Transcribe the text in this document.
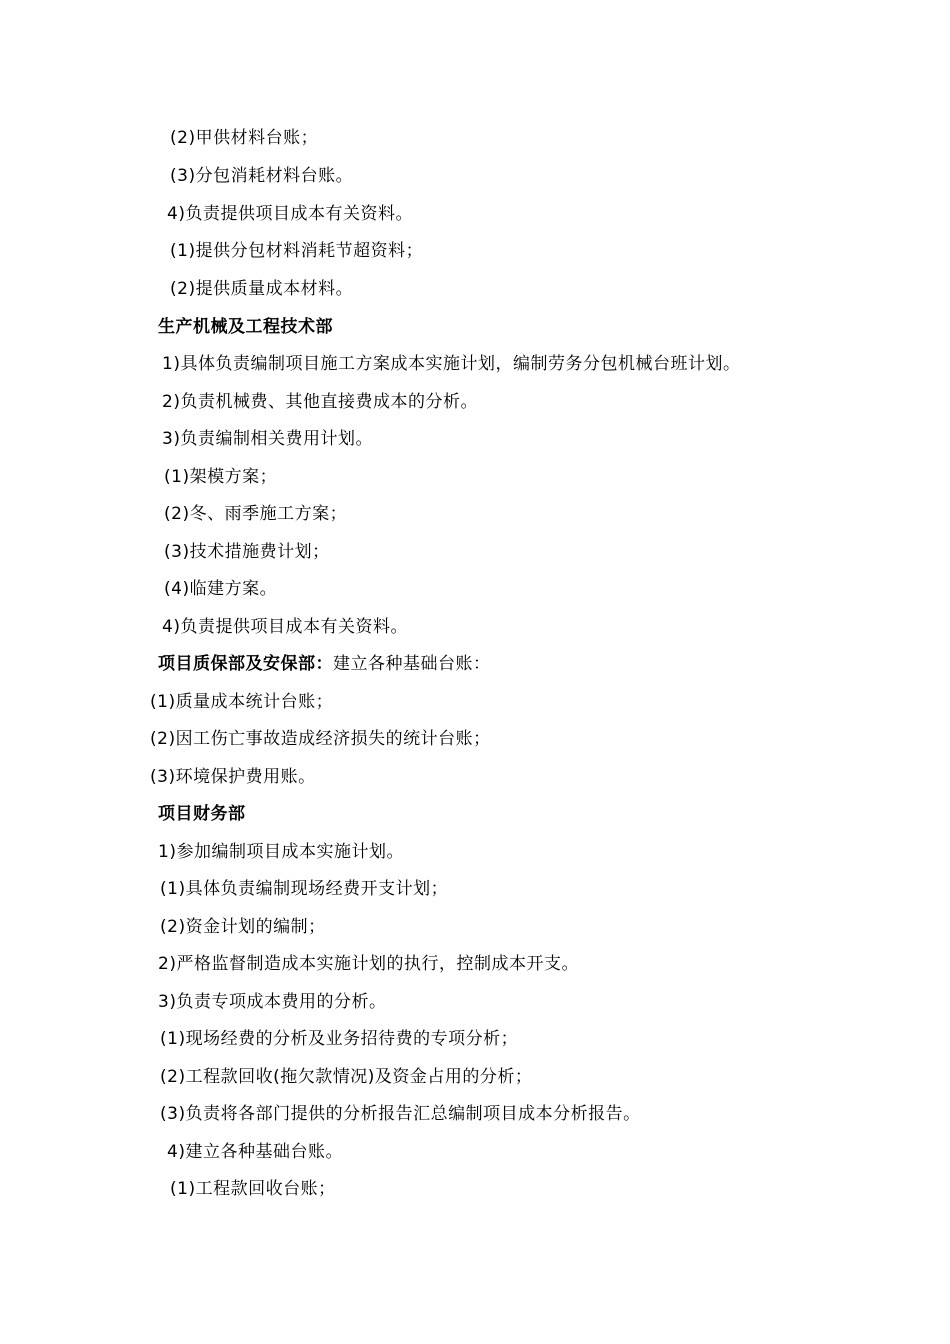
(2)甲供材料台账；
(3)分包消耗材料台账。
4)负责提供项目成本有关资料。
(1)提供分包材料消耗节超资料；
(2)提供质量成本材料。
生产机械及工程技术部
1)具体负责编制项目施工方案成本实施计划，编制劳务分包机械台班计划。
2)负责机械费、其他直接费成本的分析。
3)负责编制相关费用计划。
(1)架模方案；
(2)冬、雨季施工方案；
(3)技术措施费计划；
(4)临建方案。
4)负责提供项目成本有关资料。
项目质保部及安保部：建立各种基础台账：
(1)质量成本统计台账；
(2)因工伤亡事故造成经济损失的统计台账；
(3)环境保护费用账。
项目财务部
1)参加编制项目成本实施计划。
(1)具体负责编制现场经费开支计划；
(2)资金计划的编制；
2)严格监督制造成本实施计划的执行，控制成本开支。
3)负责专项成本费用的分析。
(1)现场经费的分析及业务招待费的专项分析；
(2)工程款回收(拖欠款情况)及资金占用的分析；
(3)负责将各部门提供的分析报告汇总编制项目成本分析报告。
4)建立各种基础台账。
(1)工程款回收台账；
